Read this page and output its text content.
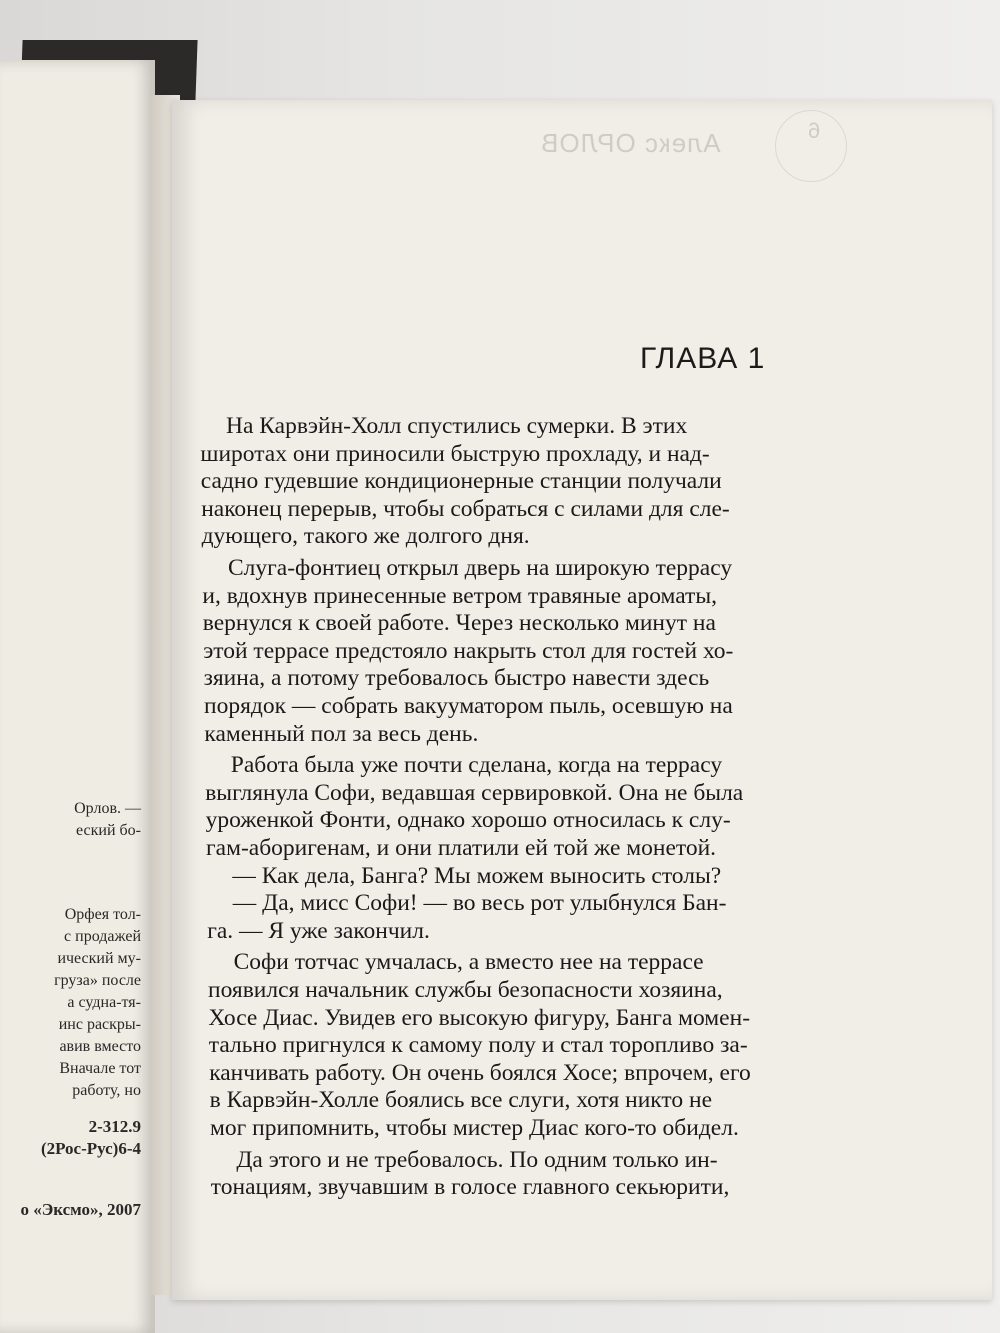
Орлов. —

еский бо-

Орфея тол-

с продажей

ический му-

груза» после

а судна-тя-

инс раскры-

авив вместо

Вначале тот

работу, но

2-312.9

(2Рос-Рус)6-4

о «Эксмо», 2007

Алекс ОРЛОВ	6
ГЛАВА 1

На Карвэйн-Холл спустились сумерки. В этих

широтах они приносили быструю прохладу, и над-

садно гудевшие кондиционерные станции получали

наконец перерыв, чтобы собраться с силами для сле-

дующего, такого же долгого дня.

Слуга-фонтиец открыл дверь на широкую террасу

и, вдохнув принесенные ветром травяные ароматы,

вернулся к своей работе. Через несколько минут на

этой террасе предстояло накрыть стол для гостей хо-

зяина, а потому требовалось быстро навести здесь

порядок — собрать вакууматором пыль, осевшую на

каменный пол за весь день.

Работа была уже почти сделана, когда на террасу

выглянула Софи, ведавшая сервировкой. Она не была

уроженкой Фонти, однако хорошо относилась к слу-

гам-аборигенам, и они платили ей той же монетой.

— Как дела, Банга? Мы можем выносить столы?

— Да, мисс Софи! — во весь рот улыбнулся Бан-

га. — Я уже закончил.

Софи тотчас умчалась, а вместо нее на террасе

появился начальник службы безопасности хозяина,

Хосе Диас. Увидев его высокую фигуру, Банга момен-

тально пригнулся к самому полу и стал торопливо за-

канчивать работу. Он очень боялся Хосе; впрочем, его

в Карвэйн-Холле боялись все слуги, хотя никто не

мог припомнить, чтобы мистер Диас кого-то обидел.

Да этого и не требовалось. По одним только ин-

тонациям, звучавшим в голосе главного секьюрити,
